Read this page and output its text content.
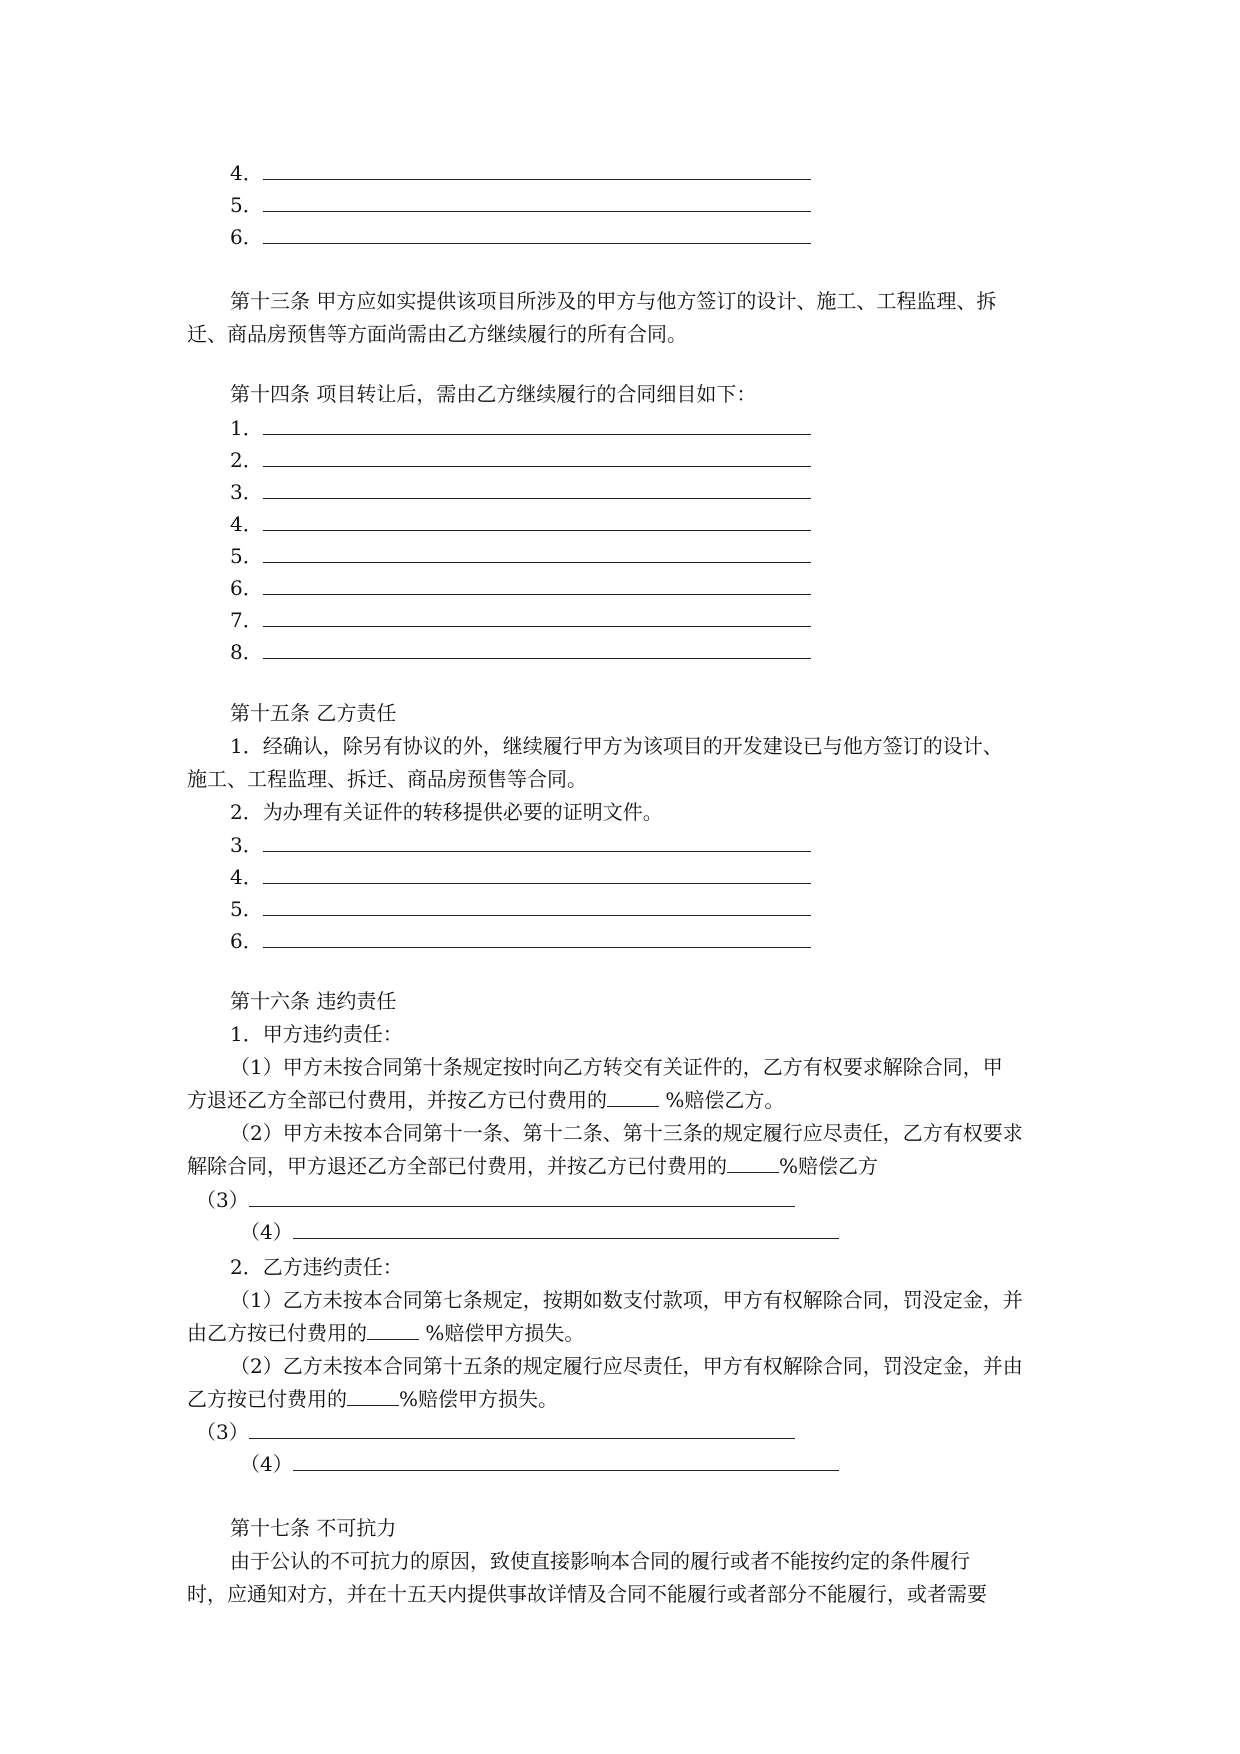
4．
5．
6．
第十三条 甲方应如实提供该项目所涉及的甲方与他方签订的设计、施工、工程监理、拆
迁、商品房预售等方面尚需由乙方继续履行的所有合同。
第十四条 项目转让后，需由乙方继续履行的合同细目如下：
1．
2．
3．
4．
5．
6．
7．
8．
第十五条 乙方责任
1．经确认，除另有协议的外，继续履行甲方为该项目的开发建设已与他方签订的设计、
施工、工程监理、拆迁、商品房预售等合同。
2．为办理有关证件的转移提供必要的证明文件。
3．
4．
5．
6．
第十六条 违约责任
1．甲方违约责任：
（1）甲方未按合同第十条规定按时向乙方转交有关证件的，乙方有权要求解除合同，甲
方退还乙方全部已付费用，并按乙方已付费用的	%赔偿乙方。
（2）甲方未按本合同第十一条、第十二条、第十三条的规定履行应尽责任，乙方有权要求
解除合同，甲方退还乙方全部已付费用，并按乙方已付费用的	%赔偿乙方
（3）
（4）
2．乙方违约责任：
（1）乙方未按本合同第七条规定，按期如数支付款项，甲方有权解除合同，罚没定金，并
由乙方按已付费用的	%赔偿甲方损失。
（2）乙方未按本合同第十五条的规定履行应尽责任，甲方有权解除合同，罚没定金，并由
乙方按已付费用的	%赔偿甲方损失。
（3）
（4）
第十七条 不可抗力
由于公认的不可抗力的原因，致使直接影响本合同的履行或者不能按约定的条件履行
时，应通知对方，并在十五天内提供事故详情及合同不能履行或者部分不能履行，或者需要
